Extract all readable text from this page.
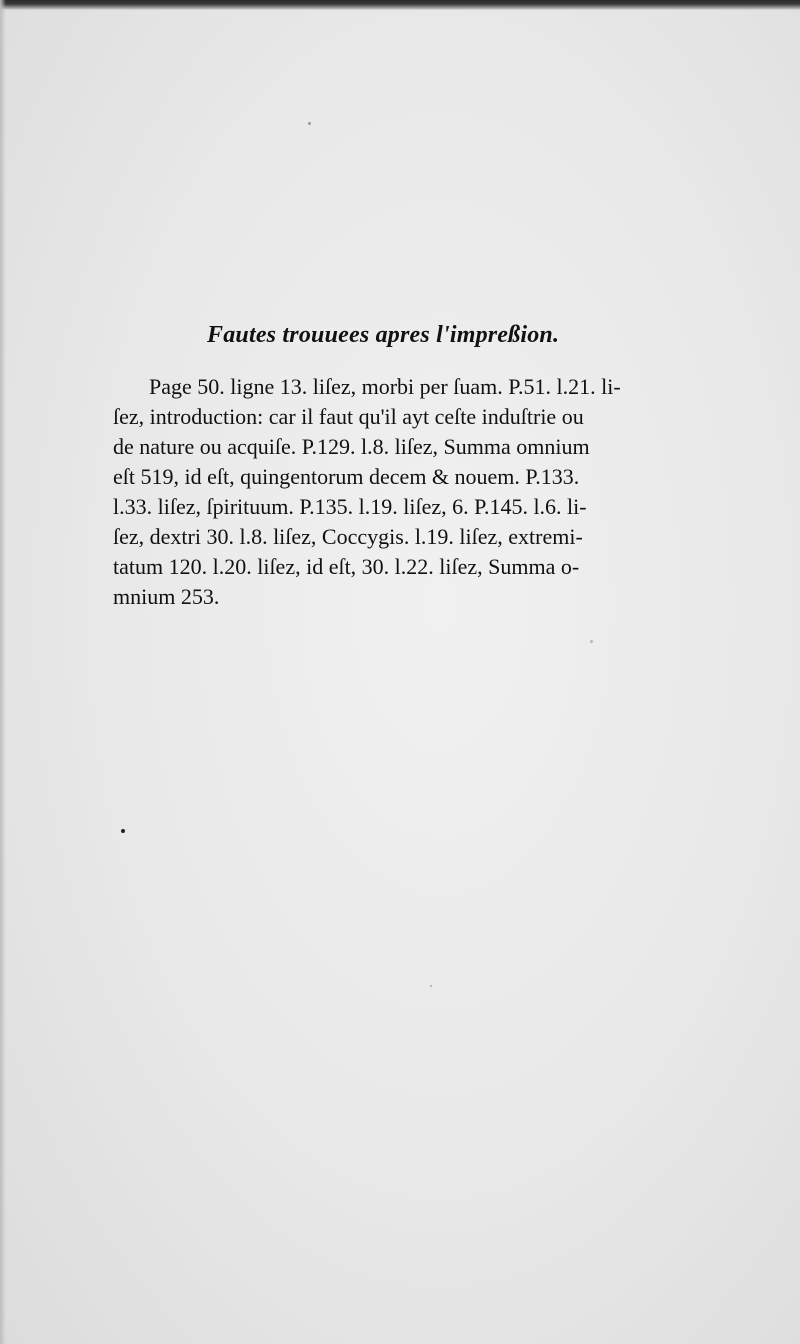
Fautes trouuees apres l'impreßion.
Page 50. ligne 13. liſez, morbi per ſuam. P.51. l.21. li-
ſez, introduction: car il faut qu'il ayt ceſte induſtrie ou
de nature ou acquiſe. P.129. l.8. liſez, Summa omnium
eſt 519, id eſt, quingentorum decem & nouem. P.133.
l.33. liſez, ſpirituum. P.135. l.19. liſez, 6. P.145. l.6. li-
ſez, dextri 30. l.8. liſez, Coccygis. l.19. liſez, extremi-
tatum 120. l.20. liſez, id eſt, 30. l.22. liſez, Summa o-
mnium 253.
